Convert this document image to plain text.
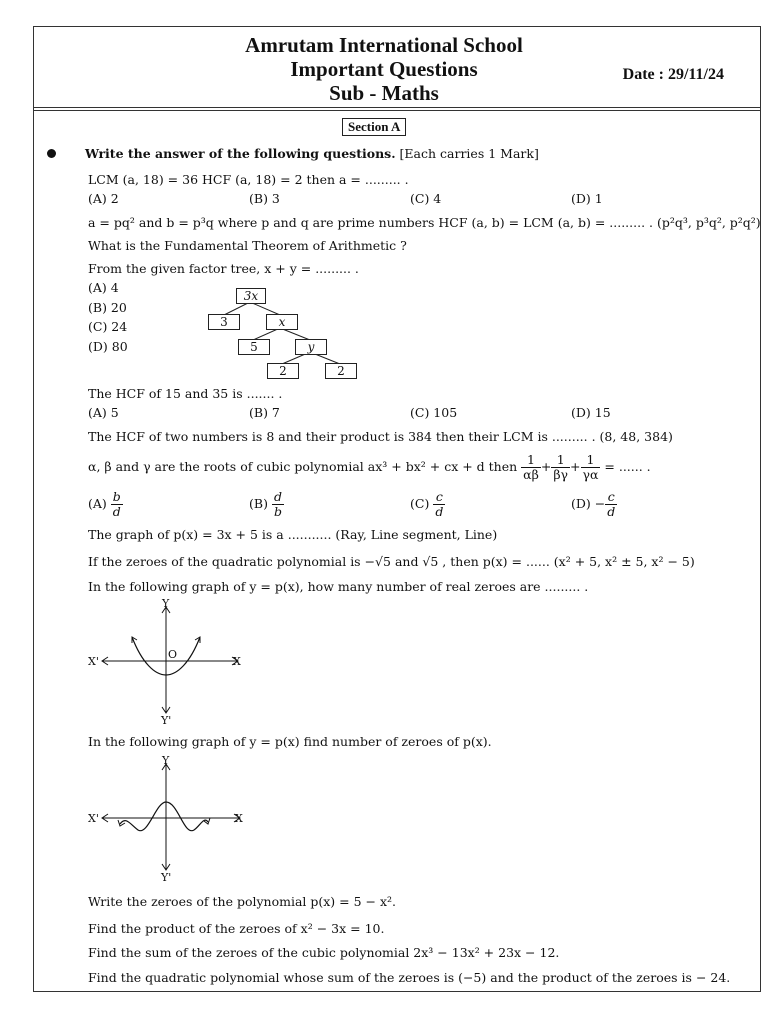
Amrutam International School
Important Questions
Sub - Maths
Date : 29/11/24
Section A
Write the answer of the following questions. [Each carries 1 Mark]
LCM (a, 18) = 36 HCF (a, 18) = 2 then a = ......... .
(A) 2	(B) 3	(C) 4	(D) 1
a = pq² and b = p³q where p and q are prime numbers HCF (a, b) = LCM (a, b) = ......... . (p²q³, p³q², p²q²)
What is the Fundamental Theorem of Arithmetic ?
From the given factor tree, x + y = ......... .
(A) 4
(B) 20
(C) 24
(D) 80
3x
3	x
5	y
2	2
The HCF of 15 and 35 is ....... .
(A) 5	(B) 7	(C) 105	(D) 15
The HCF of two numbers is 8 and their product is 384 then their LCM is ......... . (8, 48, 384)
α, β and γ are the roots of cubic polynomial ax³ + bx² + cx + d then $\frac{1}{\alpha\beta} + \frac{1}{\beta\gamma} + \frac{1}{\gamma\alpha}$ = ...... .
$(A) \frac{b}{d}$	$(B) \frac{d}{b}$	$(C) \frac{c}{d}$	$(D) - \frac{c}{d}$
The graph of p(x) = 3x + 5 is a ........... (Ray, Line segment, Line)
If the zeroes of the quadratic polynomial is −√5 and √5 , then p(x) = ...... (x² + 5, x² ± 5, x² − 5)
In the following graph of y = p(x), how many number of real zeroes are ......... .
Y
Y'
X'	X
O
In the following graph of y = p(x) find number of zeroes of p(x).
Y
Y'
X'	X
Write the zeroes of the polynomial p(x) = 5 − x².
Find the product of the zeroes of x² − 3x = 10.
Find the sum of the zeroes of the cubic polynomial 2x³ − 13x² + 23x − 12.
Find the quadratic polynomial whose sum of the zeroes is (−5) and the product of the zeroes is − 24.
